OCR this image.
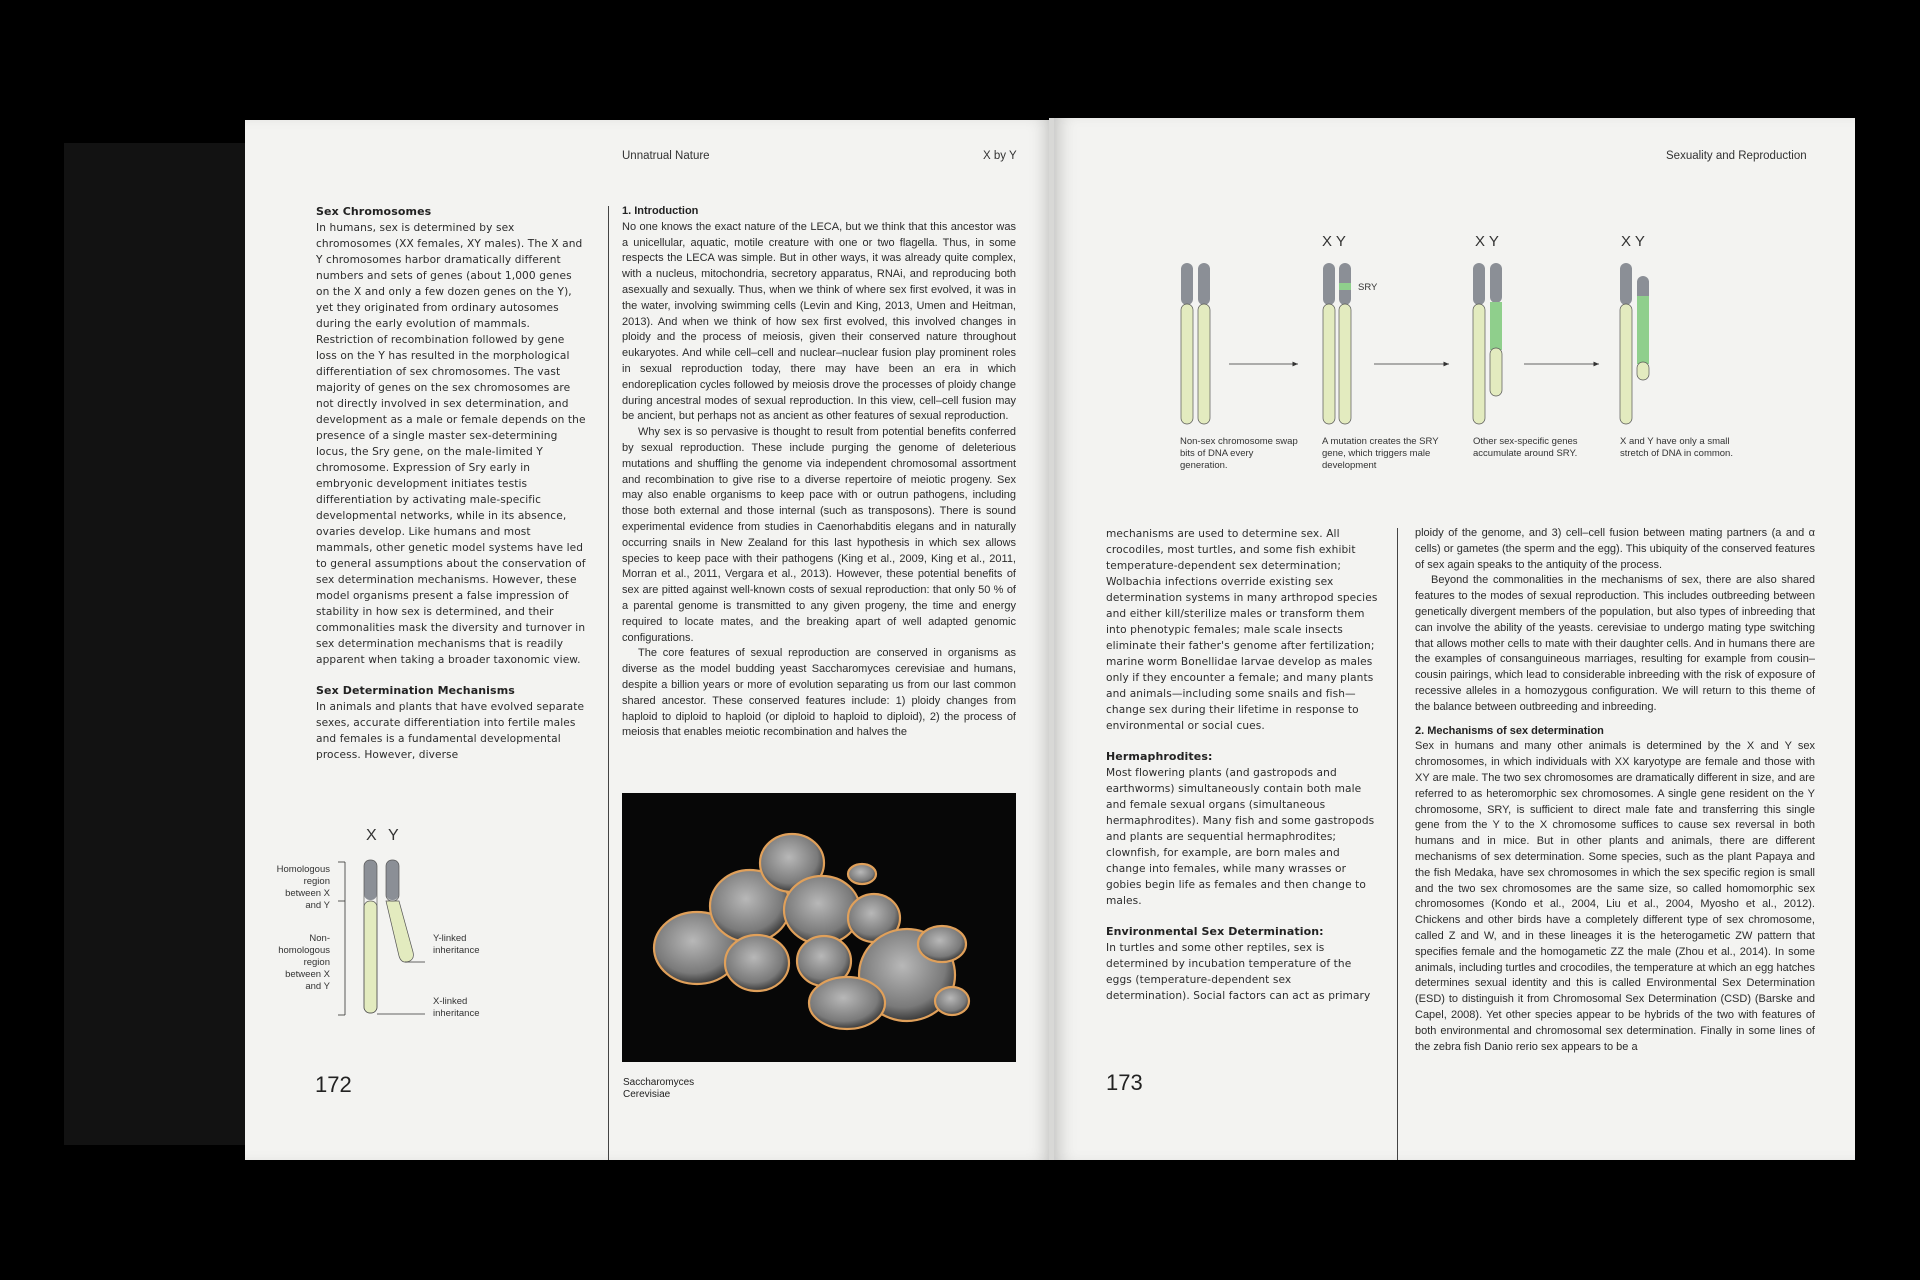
Unnatrual Nature	X by Y
Sex Chromosomes

In humans, sex is determined by sex chromosomes (XX females, XY males). The X and Y chromosomes harbor dramatically different numbers and sets of genes (about 1,000 genes on the X and only a few dozen genes on the Y), yet they originated from ordinary autosomes during the early evolution of mammals. Restriction of recombination followed by gene loss on the Y has resulted in the morphological differentiation of sex chromosomes. The vast majority of genes on the sex chromosomes are not directly involved in sex determination, and development as a male or female depends on the presence of a single master sex-determining locus, the Sry gene, on the male-limited Y chromosome. Expression of Sry early in embryonic development initiates testis differentiation by activating male-specific developmental networks, while in its absence, ovaries develop. Like humans and most mammals, other genetic model systems have led to general assumptions about the conservation of sex determination mechanisms. However, these model organisms present a false impression of stability in how sex is determined, and their commonalities mask the diversity and turnover in sex determination mechanisms that is readily apparent when taking a broader taxonomic view.

Sex Determination Mechanisms

In animals and plants that have evolved separate sexes, accurate differentiation into fertile males and females is a fundamental developmental process. However, diverse

X Y
Homologous region between X and Y
Non-homologous region between X and Y
Y-linked inheritance
X-linked inheritance
172
1. Introduction

No one knows the exact nature of the LECA, but we think that this ancestor was a unicellular, aquatic, motile creature with one or two flagella. Thus, in some respects the LECA was simple. But in other ways, it was already quite complex, with a nucleus, mitochondria, secretory apparatus, RNAi, and reproducing both asexually and sexually. Thus, when we think of where sex first evolved, it was in the water, involving swimming cells (Levin and King, 2013, Umen and Heitman, 2013). And when we think of how sex first evolved, this involved changes in ploidy and the process of meiosis, given their conserved nature throughout eukaryotes. And while cell–cell and nuclear–nuclear fusion play prominent roles in sexual reproduction today, there may have been an era in which endoreplication cycles followed by meiosis drove the processes of ploidy change during ancestral modes of sexual reproduction. In this view, cell–cell fusion may be ancient, but perhaps not as ancient as other features of sexual reproduction.

Why sex is so pervasive is thought to result from potential benefits conferred by sexual reproduction. These include purging the genome of deleterious mutations and shuffling the genome via independent chromosomal assortment and recombination to give rise to a diverse repertoire of meiotic progeny. Sex may also enable organisms to keep pace with or outrun pathogens, including those both external and those internal (such as transposons). There is sound experimental evidence from studies in Caenorhabditis elegans and in naturally occurring snails in New Zealand for this last hypothesis in which sex allows species to keep pace with their pathogens (King et al., 2009, King et al., 2011, Morran et al., 2011, Vergara et al., 2013). However, these potential benefits of sex are pitted against well-known costs of sexual reproduction: that only 50 % of a parental genome is transmitted to any given progeny, the time and energy required to locate mates, and the breaking apart of well adapted genomic configurations.

The core features of sexual reproduction are conserved in organisms as diverse as the model budding yeast Saccharomyces cerevisiae and humans, despite a billion years or more of evolution separating us from our last common shared ancestor. These conserved features include: 1) ploidy changes from haploid to diploid to haploid (or diploid to haploid to diploid), 2) the process of meiosis that enables meiotic recombination and halves the

Saccharomyces
Cerevisiae
Sexuality and Reproduction
X Y
SRY
X Y	X Y
Non-sex chromosome swap bits of DNA every generation.
A mutation creates the SRY gene, which triggers male development
Other sex-specific genes accumulate around SRY.
X and Y have only a small stretch of DNA in common.

mechanisms are used to determine sex. All crocodiles, most turtles, and some fish exhibit temperature-dependent sex determination; Wolbachia infections override existing sex determination systems in many arthropod species and either kill/sterilize males or transform them into phenotypic females; male scale insects eliminate their father's genome after fertilization; marine worm Bonellidae larvae develop as males only if they encounter a female; and many plants and animals—including some snails and fish—change sex during their lifetime in response to environmental or social cues.

Hermaphrodites:

Most flowering plants (and gastropods and earthworms) simultaneously contain both male and female sexual organs (simultaneous hermaphrodites). Many fish and some gastropods and plants are sequential hermaphrodites; clownfish, for example, are born males and change into females, while many wrasses or gobies begin life as females and then change to males.

Environmental Sex Determination:

In turtles and some other reptiles, sex is determined by incubation temperature of the eggs (temperature-dependent sex determination). Social factors can act as primary

173

ploidy of the genome, and 3) cell–cell fusion between mating partners (a and α cells) or gametes (the sperm and the egg). This ubiquity of the conserved features of sex again speaks to the antiquity of the process.

Beyond the commonalities in the mechanisms of sex, there are also shared features to the modes of sexual reproduction. This includes outbreeding between genetically divergent members of the population, but also types of inbreeding that can involve the ability of the yeasts. cerevisiae to undergo mating type switching that allows mother cells to mate with their daughter cells. And in humans there are the examples of consanguineous marriages, resulting for example from cousin–cousin pairings, which lead to considerable inbreeding with the risk of exposure of recessive alleles in a homozygous configuration. We will return to this theme of the balance between outbreeding and inbreeding.

2. Mechanisms of sex determination

Sex in humans and many other animals is determined by the X and Y sex chromosomes, in which individuals with XX karyotype are female and those with XY are male. The two sex chromosomes are dramatically different in size, and are referred to as heteromorphic sex chromosomes. A single gene resident on the Y chromosome, SRY, is sufficient to direct male fate and transferring this single gene from the Y to the X chromosome suffices to cause sex reversal in both humans and in mice. But in other plants and animals, there are different mechanisms of sex determination. Some species, such as the plant Papaya and the fish Medaka, have sex chromosomes in which the sex specific region is small and the two sex chromosomes are the same size, so called homomorphic sex chromosomes (Kondo et al., 2004, Liu et al., 2004, Myosho et al., 2012). Chickens and other birds have a completely different type of sex chromosome, called Z and W, and in these lineages it is the heterogametic ZW pattern that specifies female and the homogametic ZZ the male (Zhou et al., 2014). In some animals, including turtles and crocodiles, the temperature at which an egg hatches determines sexual identity and this is called Environmental Sex Determination (ESD) to distinguish it from Chromosomal Sex Determination (CSD) (Barske and Capel, 2008). Yet other species appear to be hybrids of the two with features of both environmental and chromosomal sex determination. Finally in some lines of the zebra fish Danio rerio sex appears to be a
